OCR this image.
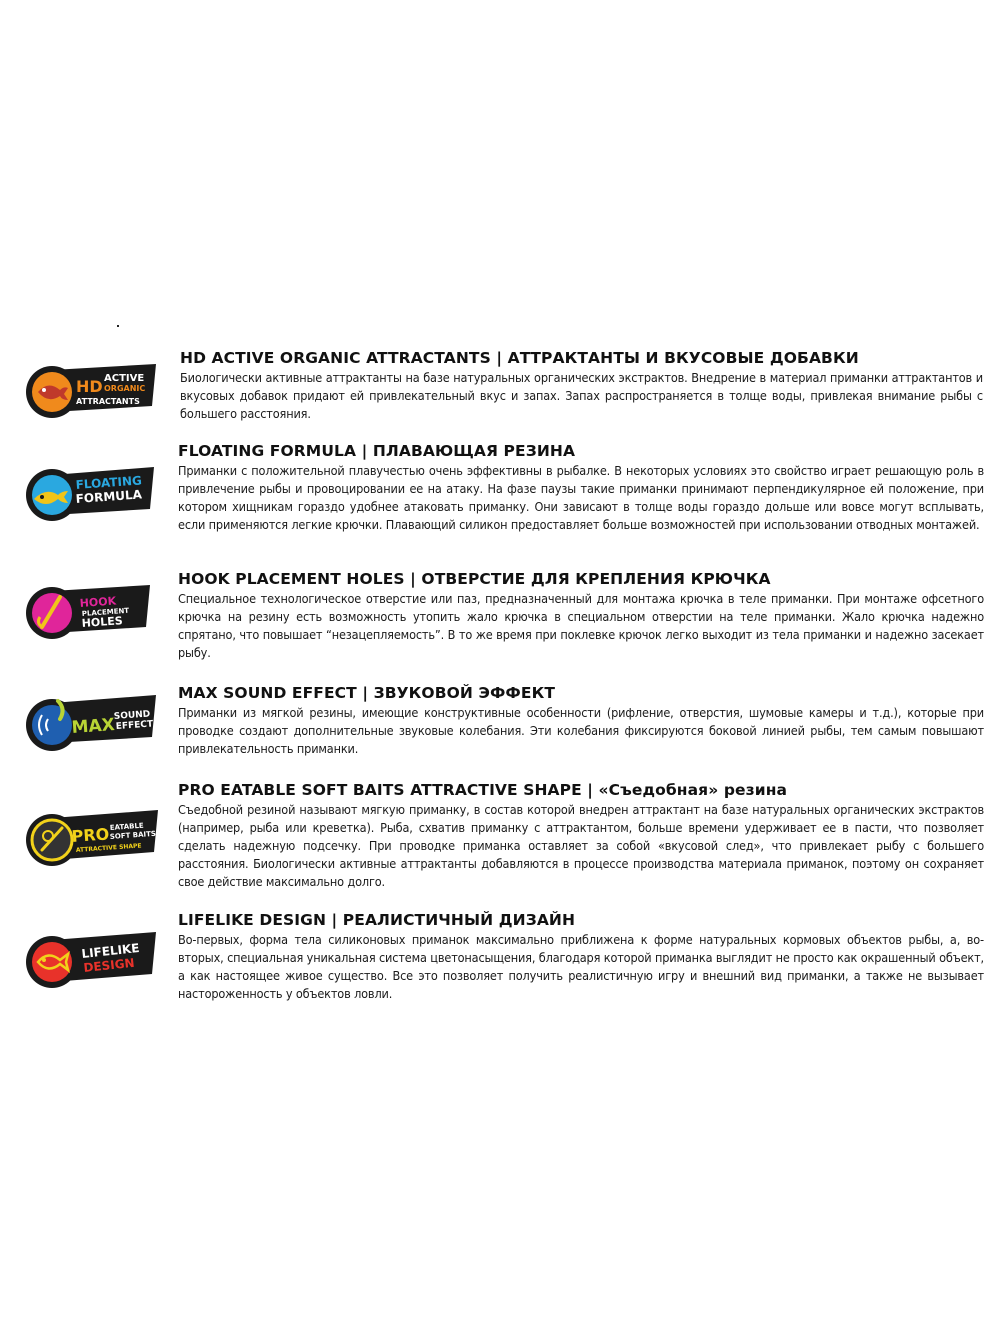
HD ACTIVE
ORGANIC
ATTRACTANTS
HD ACTIVE ORGANIC ATTRACTANTS | АТТРАКТАНТЫ И ВКУСОВЫЕ ДОБАВКИ

Биологически активные аттрактанты на базе натуральных органических экстрактов. Внедрение в материал приманки аттрактантов и вкусовых добавок придают ей привлекательный вкус и запах. Запах распространяется в толще воды, привлекая внимание рыбы с большего расстояния.

FLOATING
FORMULA
FLOATING FORMULA | ПЛАВАЮЩАЯ РЕЗИНА

Приманки с положительной плавучестью очень эффективны в рыбалке. В некоторых условиях это свойство играет решающую роль в привлечение рыбы и провоцировании ее на атаку. На фазе паузы такие приманки принимают перпендикулярное ей положение, при котором хищникам гораздо удобнее атаковать приманку. Они зависают в толще воды гораздо дольше или вовсе могут всплывать, если применяются легкие крючки. Плавающий силикон предоставляет больше возможностей при использовании отводных монтажей.

HOOK
PLACEMENT
HOLES
HOOK PLACEMENT HOLES | ОТВЕРСТИЕ ДЛЯ КРЕПЛЕНИЯ КРЮЧКА

Специальное технологическое отверстие или паз, предназначенный для монтажа крючка в теле приманки. При монтаже офсетного крючка на резину есть возможность утопить жало крючка в специальном отверстии на теле приманки. Жало крючка надежно спрятано, что повышает “незацепляемость”. В то же время при поклевке крючок легко выходит из тела приманки и надежно засекает рыбу.

MAX
SOUND
EFFECT
MAX SOUND EFFECT | ЗВУКОВОЙ ЭФФЕКТ

Приманки из мягкой резины, имеющие конструктивные особенности (рифление, отверстия, шумовые камеры и т.д.), которые при проводке создают дополнительные звуковые колебания. Эти колебания фиксируются боковой линией рыбы, тем самым повышают привлекательность приманки.

PRO EATABLE
SOFT BAITS
ATTRACTIVE SHAPE
PRO EATABLE SOFT BAITS ATTRACTIVE SHAPE | «Съедобная» резина

Съедобной резиной называют мягкую приманку, в состав которой внедрен аттрактант на базе натуральных органических экстрактов (например, рыба или креветка). Рыба, схватив приманку с аттрактантом, больше времени удерживает ее в пасти, что позволяет сделать надежную подсечку. При проводке приманка оставляет за собой «вкусовой след», что привлекает рыбу с большего расстояния. Биологически активные аттрактанты добавляются в процессе производства материала приманок, поэтому он сохраняет свое действие максимально долго.

LIFELIKE
DESIGN
LIFELIKE DESIGN | РЕАЛИСТИЧНЫЙ ДИЗАЙН

Во-первых, форма тела силиконовых приманок максимально приближена к форме натуральных кормовых объектов рыбы, а, во-вторых, специальная уникальная система цветонасыщения, благодаря которой приманка выглядит не просто как окрашенный объект, а как настоящее живое существо. Все это позволяет получить реалистичную игру и внешний вид приманки, а также не вызывает настороженность у объектов ловли.
